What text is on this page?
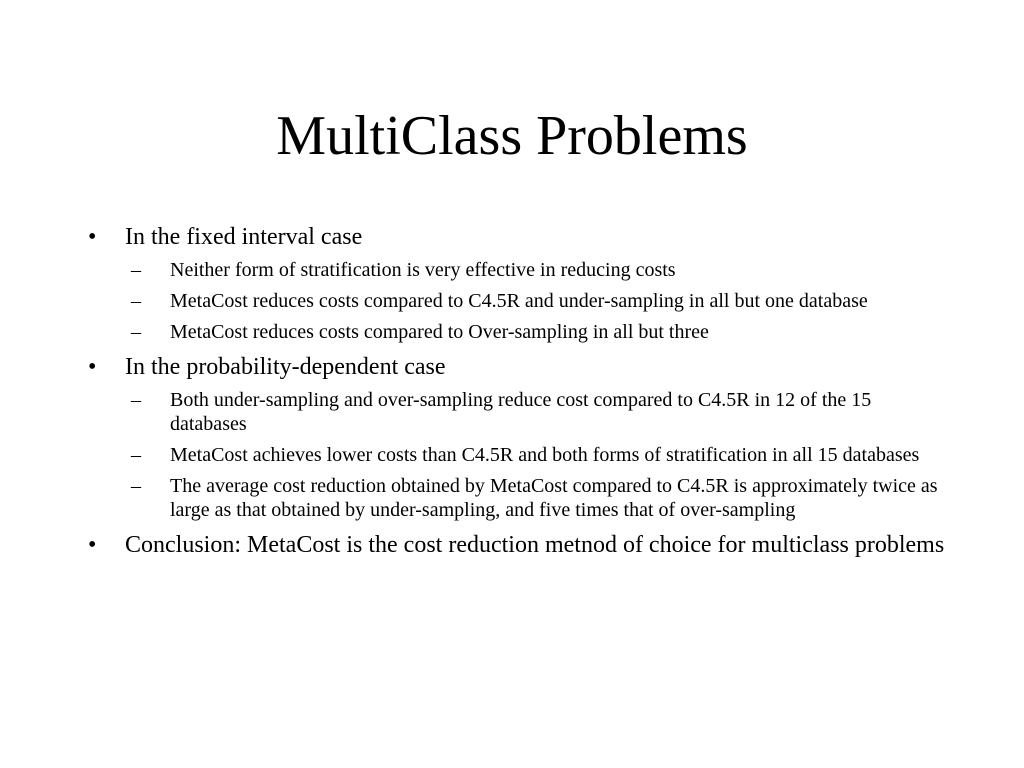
MultiClass Problems
•	In the fixed interval case
–	Neither form of stratification is very effective in reducing costs
–	MetaCost reduces costs compared to C4.5R and under-sampling in all but one database
–	MetaCost reduces costs compared to Over-sampling in all but three
•	In the probability-dependent case
–	Both under-sampling and over-sampling reduce cost compared to C4.5R in 12 of the 15 databases
–	MetaCost achieves lower costs than C4.5R and both forms of stratification in all 15 databases
–	The average cost reduction obtained by MetaCost compared to C4.5R is approximately twice as large as that obtained by under-sampling, and five times that of over-sampling
•	Conclusion: MetaCost is the cost reduction metnod of choice for multiclass problems
